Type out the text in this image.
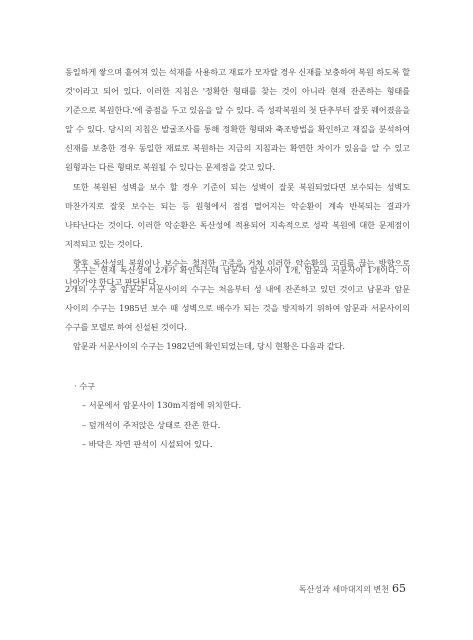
동일하게 쌓으며 흩어져 있는 석재를 사용하고 재료가 모자랄 경우 신재를 보충하여 복원 하도록 할 것'이라고 되어 있다. 이러한 지침은 '정확한 형태를 찾는 것이 아니라 현재 잔존하는 형태를 기준으로 복원한다.'에 중점을 두고 있음을 알 수 있다. 즉 성곽복원의 첫 단추부터 잘못 꿰어졌음을 알 수 있다. 당시의 지침은 발굴조사를 통해 정확한 형태와 축조방법을 확인하고 재질을 분석하여 신재를 보충한 경우 동일한 재료로 복원하는 지금의 지침과는 확연한 차이가 있음을 알 수 있고 원형과는 다른 형태로 복원될 수 있다는 문제점을 갖고 있다.

또한 복원된 성벽을 보수 할 경우 기준이 되는 성벽이 잘못 복원되었다면 보수되는 성벽도 마찬가지로 잘못 보수는 되는 등 원형에서 점점 멀어지는 악순환이 계속 반복되는 결과가 나타난다는 것이다. 이러한 악순환은 독산성에 적용되어 지속적으로 성곽 복원에 대한 문제점이 지적되고 있는 것이다.

향후 독산성의 복원이나 보수는 철저한 고증을 거쳐 이러한 악순환의 고리를 끊는 방향으로 나아가야 한다고 판단된다.

수구는 현재 독산성에 2개가 확인되는데 남문과 암문사이 1개, 암문과 서문사이 1개이다. 이 2개의 수구 중 암문과 서문사이의 수구는 처음부터 성 내에 잔존하고 있던 것이고 남문과 암문 사이의 수구는 1985년 보수 때 성벽으로 배수가 되는 것을 방지하기 위하여 암문과 서문사이의 수구를 모델로 하여 신설된 것이다.

암문과 서문사이의 수구는 1982년에 확인되었는데, 당시 현황은 다음과 같다.

· 수구
– 서문에서 암문사이 130m지점에 위치한다.
– 덮개석이 주저앉은 상태로 잔존 한다.
– 바닥은 자연 판석이 시설되어 있다.
독산성과 세마대지의 변천 65
